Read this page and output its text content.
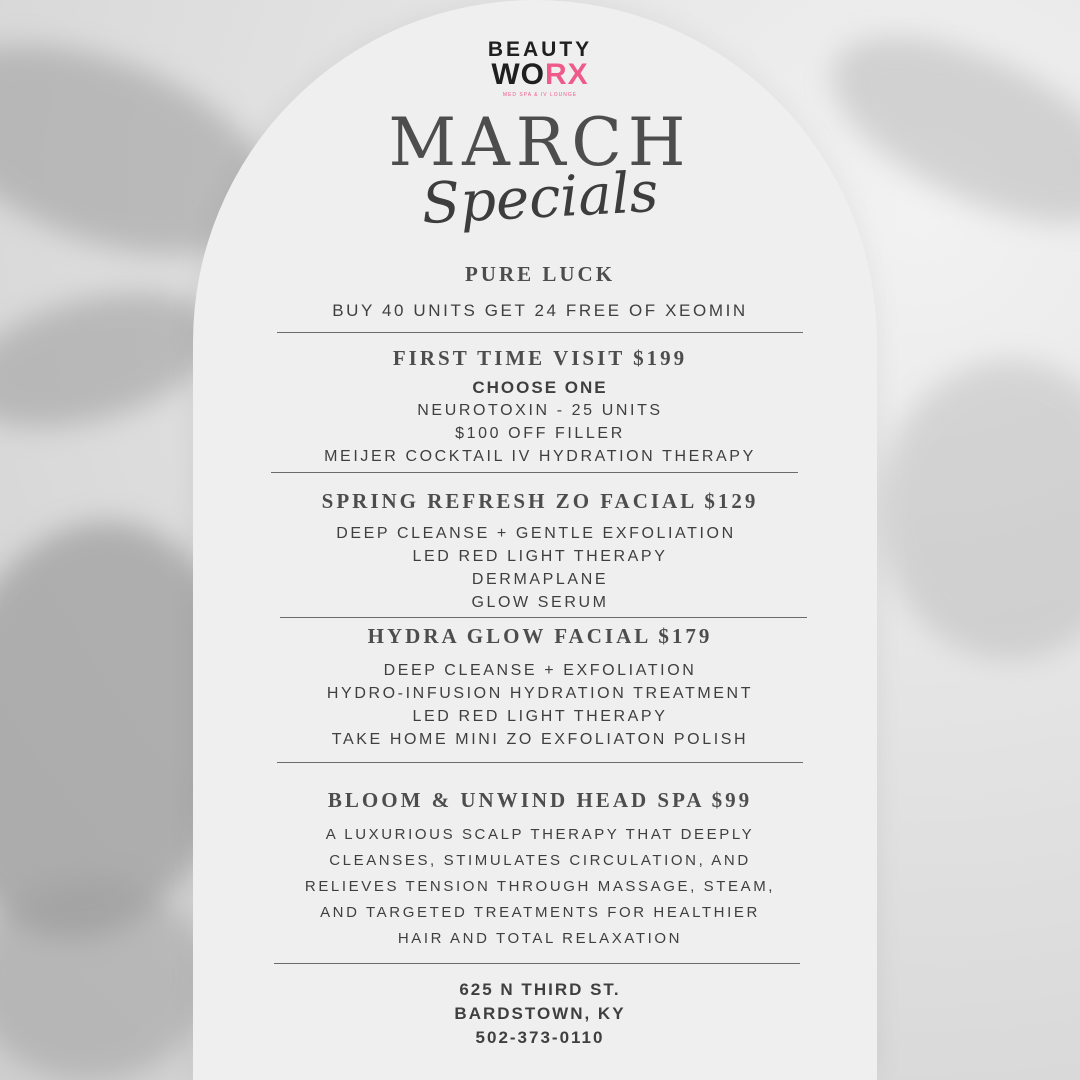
BEAUTY
WORX
MED SPA & IV LOUNGE
MARCH
Specials
PURE LUCK
BUY 40 UNITS GET 24 FREE OF XEOMIN
FIRST TIME VISIT $199
CHOOSE ONE
NEUROTOXIN - 25 UNITS
$100 OFF FILLER
MEIJER COCKTAIL IV HYDRATION THERAPY
SPRING REFRESH ZO FACIAL $129
DEEP CLEANSE + GENTLE EXFOLIATION
LED RED LIGHT THERAPY
DERMAPLANE
GLOW SERUM
HYDRA GLOW FACIAL $179
DEEP CLEANSE + EXFOLIATION
HYDRO-INFUSION HYDRATION TREATMENT
LED RED LIGHT THERAPY
TAKE HOME MINI ZO EXFOLIATON POLISH
BLOOM & UNWIND HEAD SPA $99
A LUXURIOUS SCALP THERAPY THAT DEEPLY
CLEANSES, STIMULATES CIRCULATION, AND
RELIEVES TENSION THROUGH MASSAGE, STEAM,
AND TARGETED TREATMENTS FOR HEALTHIER
HAIR AND TOTAL RELAXATION
625 N THIRD ST.
BARDSTOWN, KY
502-373-0110
